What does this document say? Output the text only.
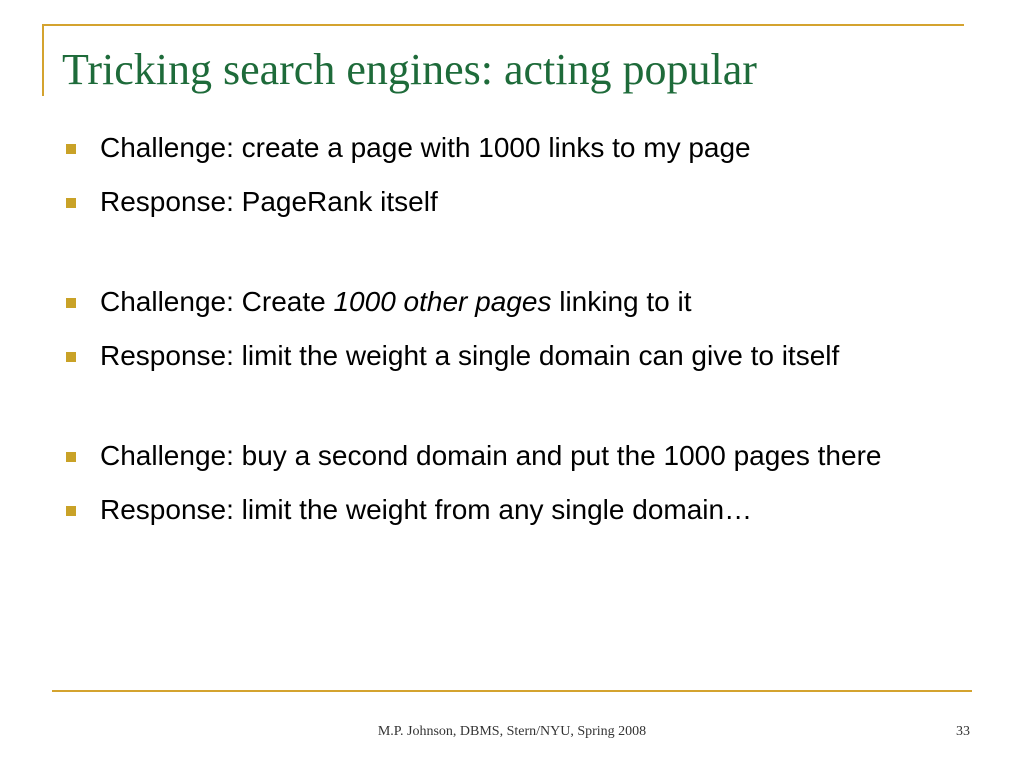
Tricking search engines: acting popular
Challenge: create a page with 1000 links to my page
Response: PageRank itself
Challenge: Create 1000 other pages linking to it
Response: limit the weight a single domain can give to itself
Challenge: buy a second domain and put the 1000 pages there
Response: limit the weight from any single domain…
M.P. Johnson, DBMS, Stern/NYU, Spring 2008	33
